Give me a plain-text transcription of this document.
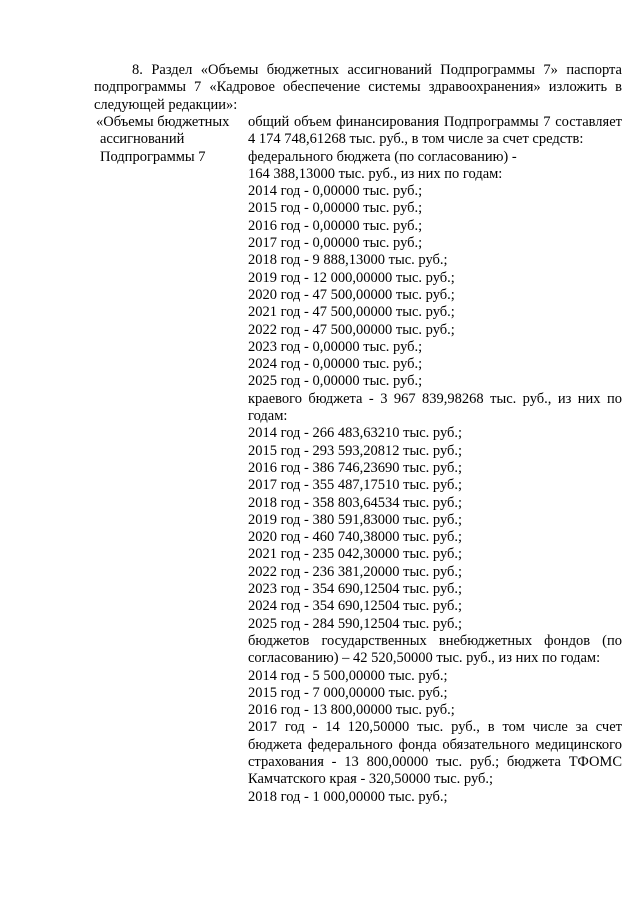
8. Раздел «Объемы бюджетных ассигнований Подпрограммы 7» паспорта подпрограммы 7 «Кадровое обеспечение системы здравоохранения» изложить в следующей редакции»:
«Объемы бюджетных
ассигнований
Подпрограммы 7
общий объем финансирования Подпрограммы 7 составляет 4 174 748,61268 тыс. руб., в том числе за счет средств:
федерального бюджета (по согласованию) -
164 388,13000 тыс. руб., из них по годам:
2014 год - 0,00000 тыс. руб.;
2015 год - 0,00000 тыс. руб.;
2016 год - 0,00000 тыс. руб.;
2017 год - 0,00000 тыс. руб.;
2018 год - 9 888,13000 тыс. руб.;
2019 год - 12 000,00000 тыс. руб.;
2020 год - 47 500,00000 тыс. руб.;
2021 год - 47 500,00000 тыс. руб.;
2022 год - 47 500,00000 тыс. руб.;
2023 год - 0,00000 тыс. руб.;
2024 год - 0,00000 тыс. руб.;
2025 год - 0,00000 тыс. руб.;
краевого бюджета - 3 967 839,98268 тыс. руб., из них по годам:
2014 год - 266 483,63210 тыс. руб.;
2015 год - 293 593,20812 тыс. руб.;
2016 год - 386 746,23690 тыс. руб.;
2017 год - 355 487,17510 тыс. руб.;
2018 год - 358 803,64534 тыс. руб.;
2019 год - 380 591,83000 тыс. руб.;
2020 год - 460 740,38000 тыс. руб.;
2021 год - 235 042,30000 тыс. руб.;
2022 год - 236 381,20000 тыс. руб.;
2023 год - 354 690,12504 тыс. руб.;
2024 год - 354 690,12504 тыс. руб.;
2025 год - 284 590,12504 тыс. руб.;
бюджетов государственных внебюджетных фондов (по согласованию) – 42 520,50000 тыс. руб., из них по годам:
2014 год - 5 500,00000 тыс. руб.;
2015 год - 7 000,00000 тыс. руб.;
2016 год - 13 800,00000 тыс. руб.;
2017 год - 14 120,50000 тыс. руб., в том числе за счет бюджета федерального фонда обязательного медицинского страхования - 13 800,00000 тыс. руб.; бюджета ТФОМС Камчатского края - 320,50000 тыс. руб.;
2018 год - 1 000,00000 тыс. руб.;
